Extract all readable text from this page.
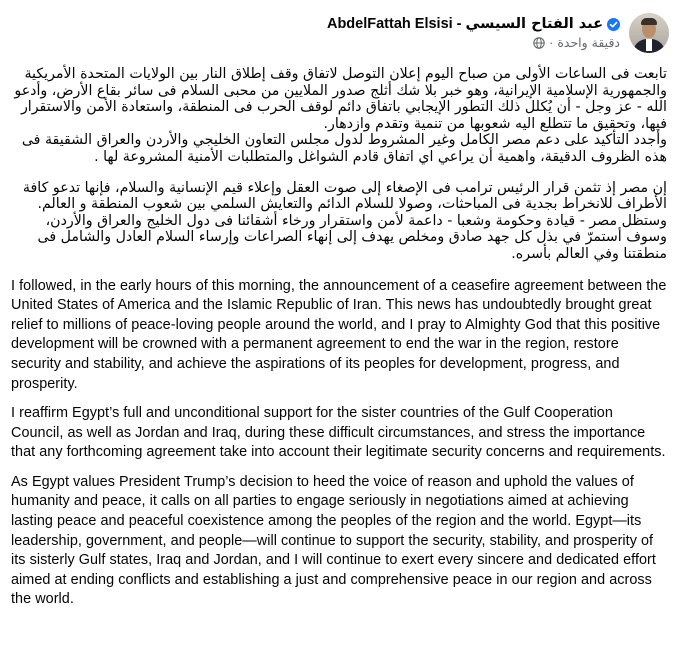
AbdelFattah Elsisi - عبد الفتاح السيسي
· دقيقة واحدة

تابعت فى الساعات الأولى من صباح اليوم إعلان التوصل لاتفاق وقف إطلاق النار بين الولايات المتحدة الأمريكية والجمهورية الإسلامية الإيرانية، وهو خبر بلا شك أثلج صدور الملايين من محبى السلام فى سائر بقاع الأرض، وأدعو الله - عز وجل - أن يُكلل ذلك التطور الإيجابي باتفاق دائم لوقف الحرب فى المنطقة، واستعادة الأمن والاستقرار فيها، وتحقيق ما تتطلع اليه شعوبها من تنمية وتقدم وازدهار.
وأجدد التأكيد على دعم مصر الكامل وغير المشروط لدول مجلس التعاون الخليجي والأردن والعراق الشقيقة فى هذه الظروف الدقيقة، واهمية أن يراعي اي اتفاق قادم الشواغل والمتطلبات الأمنية المشروعة لها .

إن مصر إذ تثمن قرار الرئيس ترامب فى الإصغاء إلى صوت العقل وإعلاء قيم الإنسانية والسلام، فإنها تدعو كافة الأطراف للانخراط بجدية فى المباحثات، وصولا للسلام الدائم والتعايش السلمي بين شعوب المنطقة و العالم. وستظل مصر - قيادة وحكومة وشعبا - داعمة لأمن واستقرار ورخاء أشقائنا فى دول الخليج والعراق والأردن، وسوف أستمرّ في بذل كل جهد صادق ومخلص يهدف إلى إنهاء الصراعات وإرساء السلام العادل والشامل فى منطقتنا وفي العالم بأسره.

I followed, in the early hours of this morning, the announcement of a ceasefire agreement between the United States of America and the Islamic Republic of Iran. This news has undoubtedly brought great relief to millions of peace-loving people around the world, and I pray to Almighty God that this positive development will be crowned with a permanent agreement to end the war in the region, restore security and stability, and achieve the aspirations of its peoples for development, progress, and prosperity.

I reaffirm Egypt’s full and unconditional support for the sister countries of the Gulf Cooperation Council, as well as Jordan and Iraq, during these difficult circumstances, and stress the importance that any forthcoming agreement take into account their legitimate security concerns and requirements.

As Egypt values President Trump’s decision to heed the voice of reason and uphold the values of humanity and peace, it calls on all parties to engage seriously in negotiations aimed at achieving lasting peace and peaceful coexistence among the peoples of the region and the world. Egypt—its leadership, government, and people—will continue to support the security, stability, and prosperity of its sisterly Gulf states, Iraq and Jordan, and I will continue to exert every sincere and dedicated effort aimed at ending conflicts and establishing a just and comprehensive peace in our region and across the world.
